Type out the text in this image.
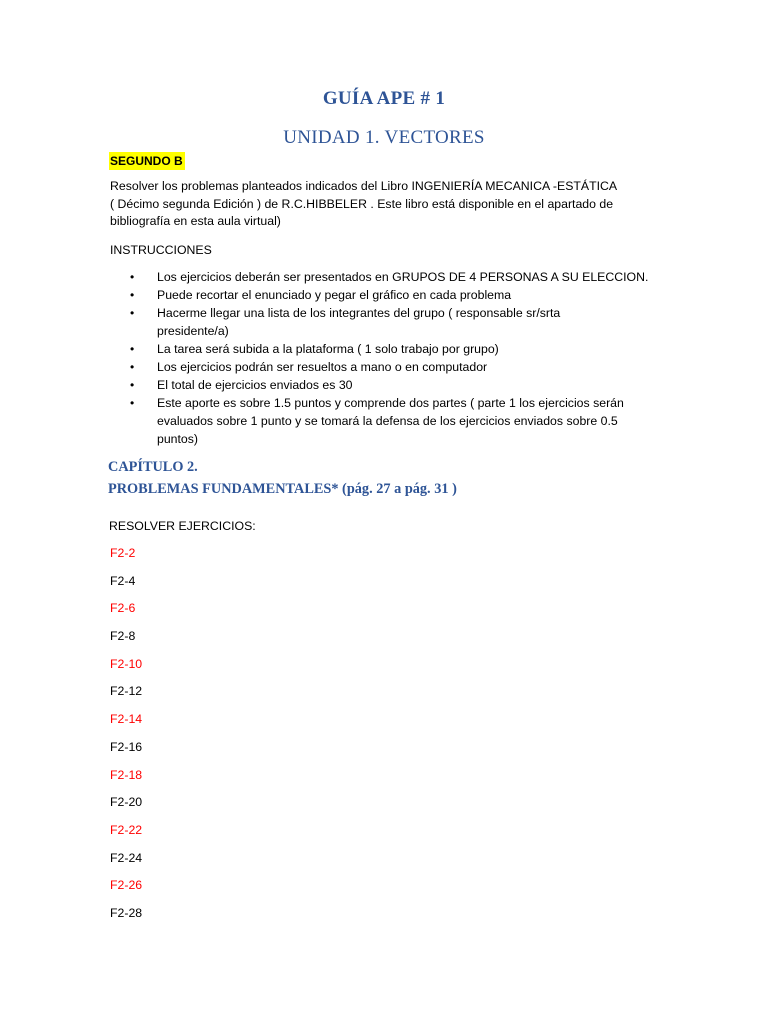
GUÍA APE # 1
UNIDAD 1. VECTORES
SEGUNDO B
Resolver los problemas planteados indicados del Libro INGENIERÍA MECANICA -ESTÁTICA
( Décimo segunda Edición ) de R.C.HIBBELER . Este libro está disponible en el apartado de
bibliografía en esta aula virtual)
INSTRUCCIONES
• Los ejercicios deberán ser presentados en GRUPOS DE 4 PERSONAS A SU ELECCION.
• Puede recortar el enunciado y pegar el gráfico en cada problema
• Hacerme llegar una lista de los integrantes del grupo ( responsable sr/srta
presidente/a)
• La tarea será subida a la plataforma ( 1 solo trabajo por grupo)
• Los ejercicios podrán ser resueltos a mano o en computador
• El total de ejercicios enviados es 30
• Este aporte es sobre 1.5 puntos y comprende dos partes ( parte 1 los ejercicios serán
evaluados sobre 1 punto y se tomará la defensa de los ejercicios enviados sobre 0.5
puntos)
CAPÍTULO 2.
PROBLEMAS FUNDAMENTALES* (pág. 27 a pág. 31 )
RESOLVER EJERCICIOS:
F2-2
F2-4
F2-6
F2-8
F2-10
F2-12
F2-14
F2-16
F2-18
F2-20
F2-22
F2-24
F2-26
F2-28
